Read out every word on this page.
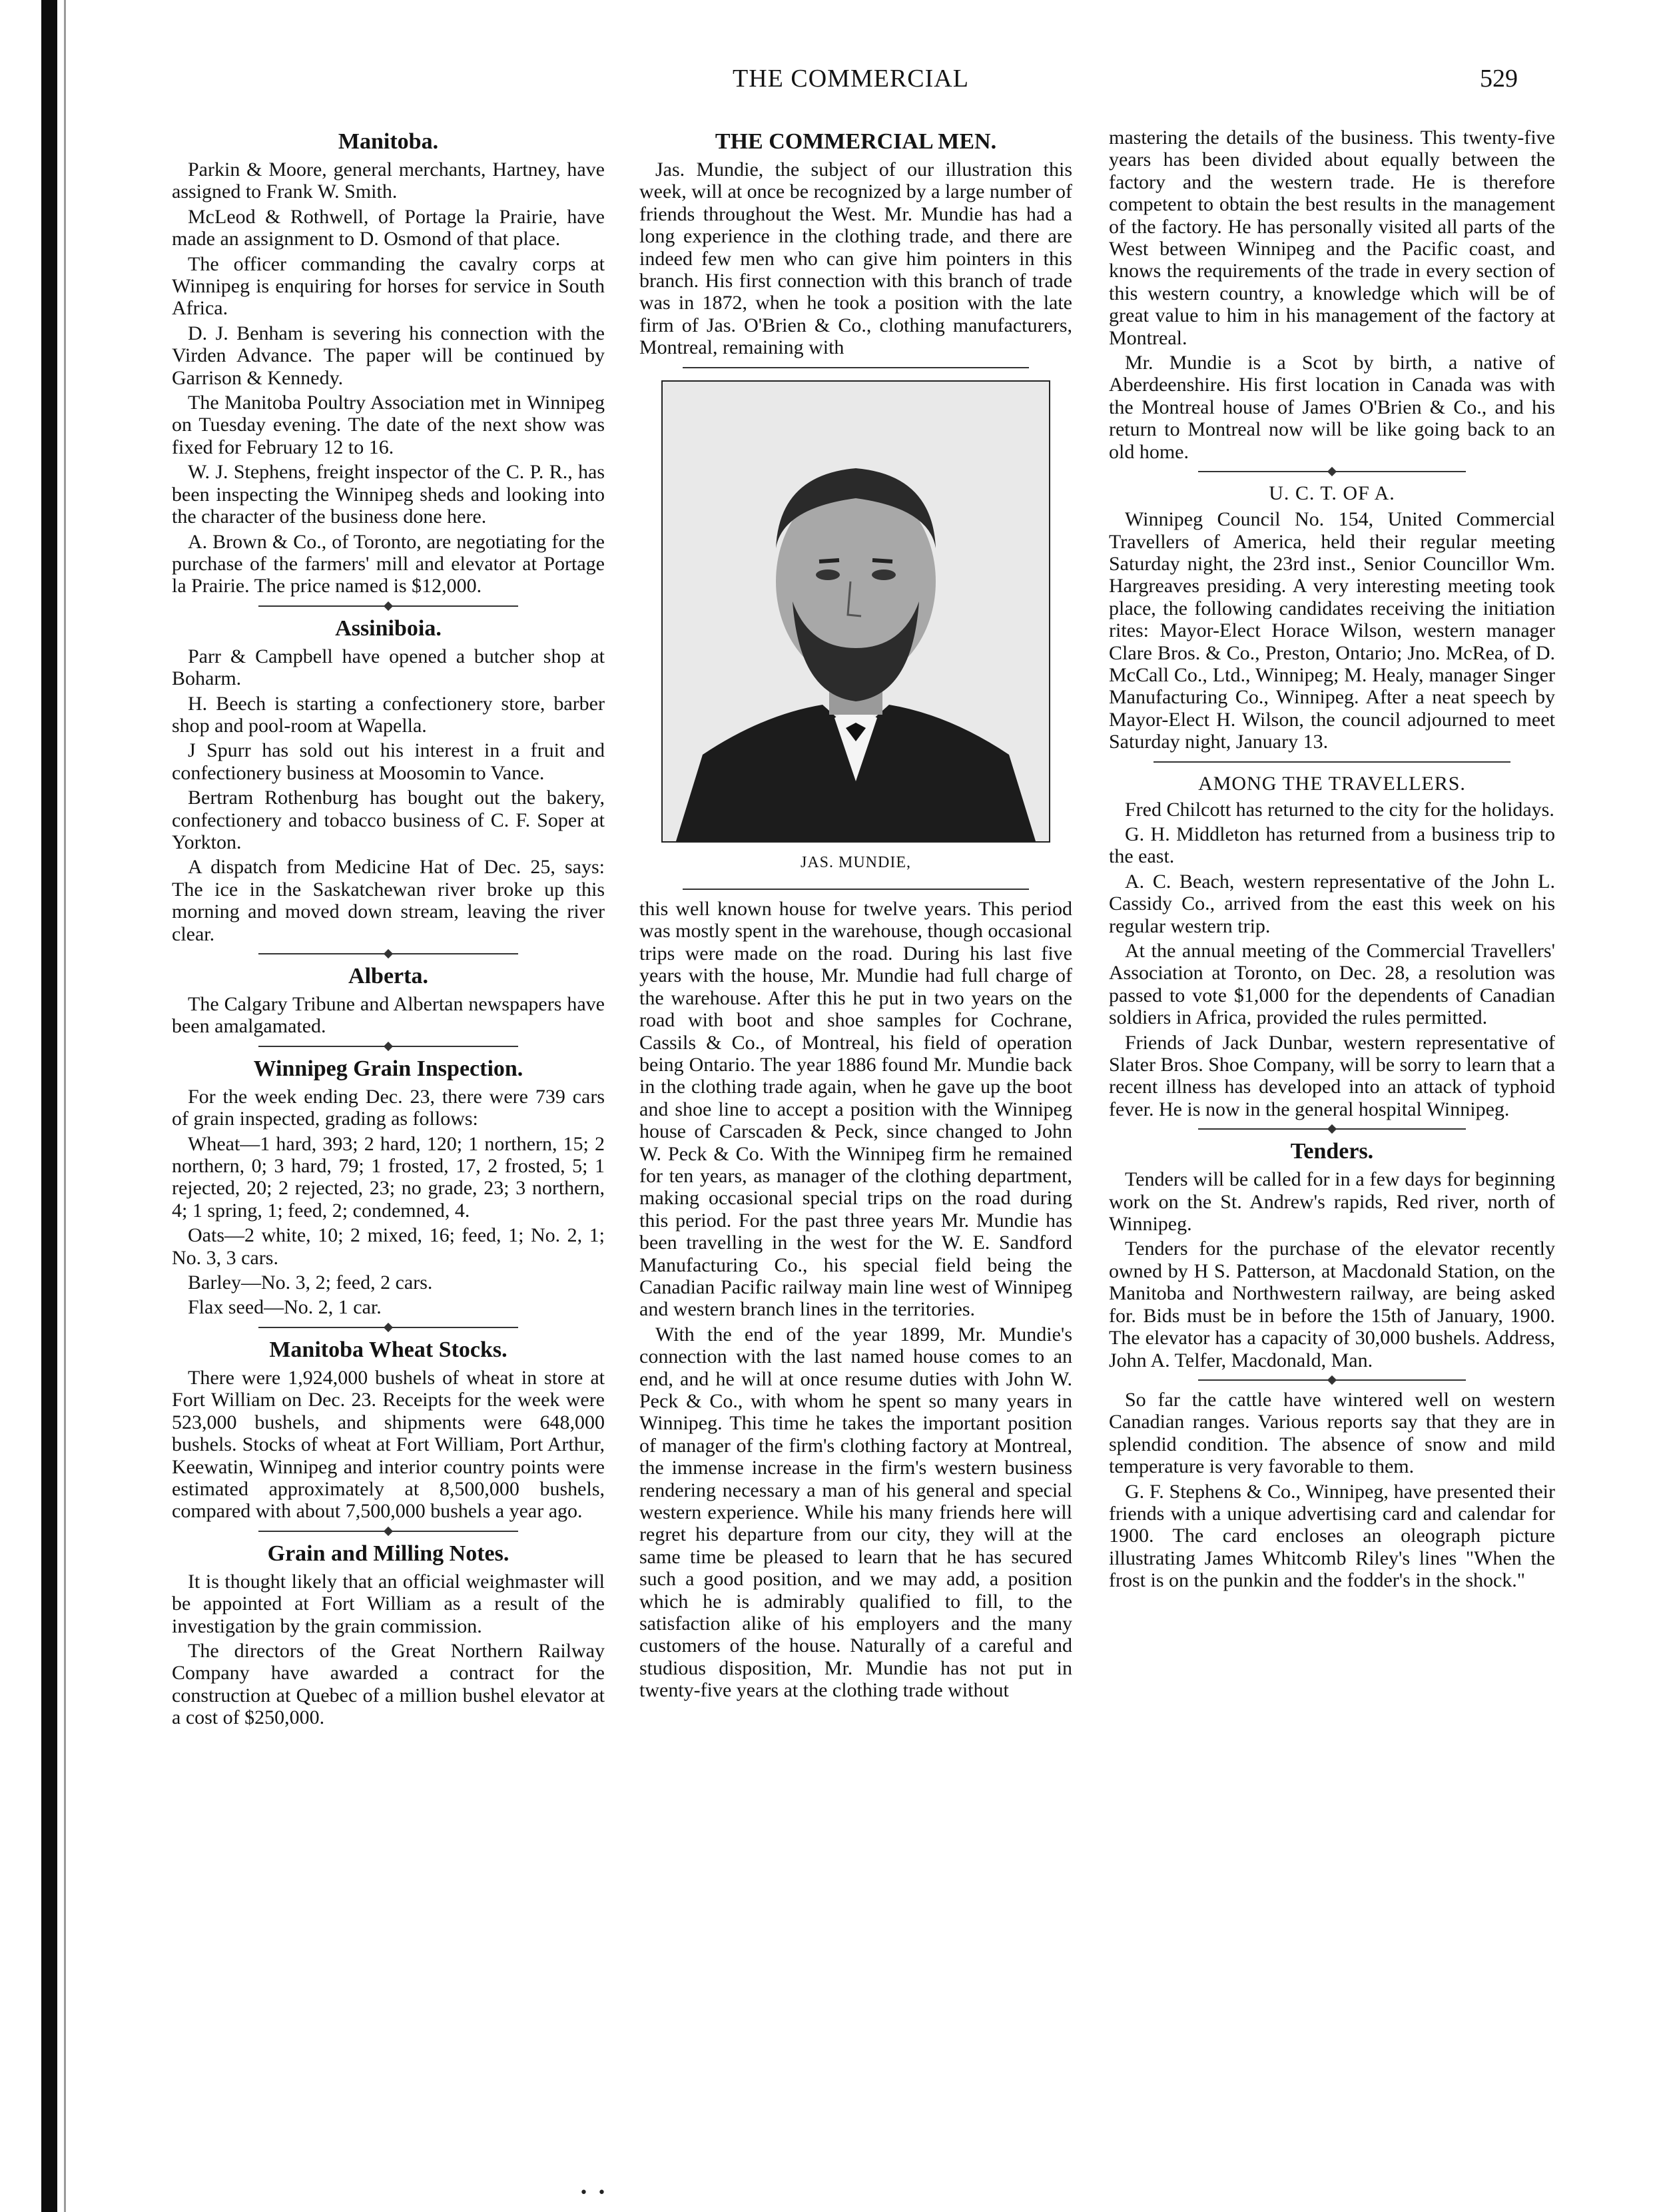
THE COMMERCIAL	529
Manitoba.

Parkin & Moore, general merchants, Hartney, have assigned to Frank W. Smith.

McLeod & Rothwell, of Portage la Prairie, have made an assignment to D. Osmond of that place.

The officer commanding the cavalry corps at Winnipeg is enquiring for horses for service in South Africa.

D. J. Benham is severing his connection with the Virden Advance. The paper will be continued by Garrison & Kennedy.

The Manitoba Poultry Association met in Winnipeg on Tuesday evening. The date of the next show was fixed for February 12 to 16.

W. J. Stephens, freight inspector of the C. P. R., has been inspecting the Winnipeg sheds and looking into the character of the business done here.

A. Brown & Co., of Toronto, are negotiating for the purchase of the farmers' mill and elevator at Portage la Prairie. The price named is $12,000.

Assiniboia.

Parr & Campbell have opened a butcher shop at Boharm.

H. Beech is starting a confectionery store, barber shop and pool-room at Wapella.

J Spurr has sold out his interest in a fruit and confectionery business at Moosomin to Vance.

Bertram Rothenburg has bought out the bakery, confectionery and tobacco business of C. F. Soper at Yorkton.

A dispatch from Medicine Hat of Dec. 25, says: The ice in the Saskatchewan river broke up this morning and moved down stream, leaving the river clear.

Alberta.

The Calgary Tribune and Albertan newspapers have been amalgamated.

Winnipeg Grain Inspection.

For the week ending Dec. 23, there were 739 cars of grain inspected, grading as follows:

Wheat—1 hard, 393; 2 hard, 120; 1 northern, 15; 2 northern, 0; 3 hard, 79; 1 frosted, 17, 2 frosted, 5; 1 rejected, 20; 2 rejected, 23; no grade, 23; 3 northern, 4; 1 spring, 1; feed, 2; condemned, 4.

Oats—2 white, 10; 2 mixed, 16; feed, 1; No. 2, 1; No. 3, 3 cars.

Barley—No. 3, 2; feed, 2 cars.

Flax seed—No. 2, 1 car.

Manitoba Wheat Stocks.

There were 1,924,000 bushels of wheat in store at Fort William on Dec. 23. Receipts for the week were 523,000 bushels, and shipments were 648,000 bushels. Stocks of wheat at Fort William, Port Arthur, Keewatin, Winnipeg and interior country points were estimated approximately at 8,500,000 bushels, compared with about 7,500,000 bushels a year ago.

Grain and Milling Notes.

It is thought likely that an official weighmaster will be appointed at Fort William as a result of the investigation by the grain commission.

The directors of the Great Northern Railway Company have awarded a contract for the construction at Quebec of a million bushel elevator at a cost of $250,000.

THE COMMERCIAL MEN.

Jas. Mundie, the subject of our illustration this week, will at once be recognized by a large number of friends throughout the West. Mr. Mundie has had a long experience in the clothing trade, and there are indeed few men who can give him pointers in this branch. His first connection with this branch of trade was in 1872, when he took a position with the late firm of Jas. O'Brien & Co., clothing manufacturers, Montreal, remaining with

JAS. MUNDIE,

this well known house for twelve years. This period was mostly spent in the warehouse, though occasional trips were made on the road. During his last five years with the house, Mr. Mundie had full charge of the warehouse. After this he put in two years on the road with boot and shoe samples for Cochrane, Cassils & Co., of Montreal, his field of operation being Ontario. The year 1886 found Mr. Mundie back in the clothing trade again, when he gave up the boot and shoe line to accept a position with the Winnipeg house of Carscaden & Peck, since changed to John W. Peck & Co. With the Winnipeg firm he remained for ten years, as manager of the clothing department, making occasional special trips on the road during this period. For the past three years Mr. Mundie has been travelling in the west for the W. E. Sandford Manufacturing Co., his special field being the Canadian Pacific railway main line west of Winnipeg and western branch lines in the territories.

With the end of the year 1899, Mr. Mundie's connection with the last named house comes to an end, and he will at once resume duties with John W. Peck & Co., with whom he spent so many years in Winnipeg. This time he takes the important position of manager of the firm's clothing factory at Montreal, the immense increase in the firm's western business rendering necessary a man of his general and special western experience. While his many friends here will regret his departure from our city, they will at the same time be pleased to learn that he has secured such a good position, and we may add, a position which he is admirably qualified to fill, to the satisfaction alike of his employers and the many customers of the house. Naturally of a careful and studious disposition, Mr. Mundie has not put in twenty-five years at the clothing trade without

mastering the details of the business. This twenty-five years has been divided about equally between the factory and the western trade. He is therefore competent to obtain the best results in the management of the factory. He has personally visited all parts of the West between Winnipeg and the Pacific coast, and knows the requirements of the trade in every section of this western country, a knowledge which will be of great value to him in his management of the factory at Montreal.

Mr. Mundie is a Scot by birth, a native of Aberdeenshire. His first location in Canada was with the Montreal house of James O'Brien & Co., and his return to Montreal now will be like going back to an old home.

U. C. T. OF A.

Winnipeg Council No. 154, United Commercial Travellers of America, held their regular meeting Saturday night, the 23rd inst., Senior Councillor Wm. Hargreaves presiding. A very interesting meeting took place, the following candidates receiving the initiation rites: Mayor-Elect Horace Wilson, western manager Clare Bros. & Co., Preston, Ontario; Jno. McRea, of D. McCall Co., Ltd., Winnipeg; M. Healy, manager Singer Manufacturing Co., Winnipeg. After a neat speech by Mayor-Elect H. Wilson, the council adjourned to meet Saturday night, January 13.

AMONG THE TRAVELLERS.

Fred Chilcott has returned to the city for the holidays.

G. H. Middleton has returned from a business trip to the east.

A. C. Beach, western representative of the John L. Cassidy Co., arrived from the east this week on his regular western trip.

At the annual meeting of the Commercial Travellers' Association at Toronto, on Dec. 28, a resolution was passed to vote $1,000 for the dependents of Canadian soldiers in Africa, provided the rules permitted.

Friends of Jack Dunbar, western representative of Slater Bros. Shoe Company, will be sorry to learn that a recent illness has developed into an attack of typhoid fever. He is now in the general hospital Winnipeg.

Tenders.

Tenders will be called for in a few days for beginning work on the St. Andrew's rapids, Red river, north of Winnipeg.

Tenders for the purchase of the elevator recently owned by H S. Patterson, at Macdonald Station, on the Manitoba and Northwestern railway, are being asked for. Bids must be in before the 15th of January, 1900. The elevator has a capacity of 30,000 bushels. Address, John A. Telfer, Macdonald, Man.

So far the cattle have wintered well on western Canadian ranges. Various reports say that they are in splendid condition. The absence of snow and mild temperature is very favorable to them.

G. F. Stephens & Co., Winnipeg, have presented their friends with a unique advertising card and calendar for 1900. The card encloses an oleograph picture illustrating James Whitcomb Riley's lines "When the frost is on the punkin and the fodder's in the shock."

•  •
